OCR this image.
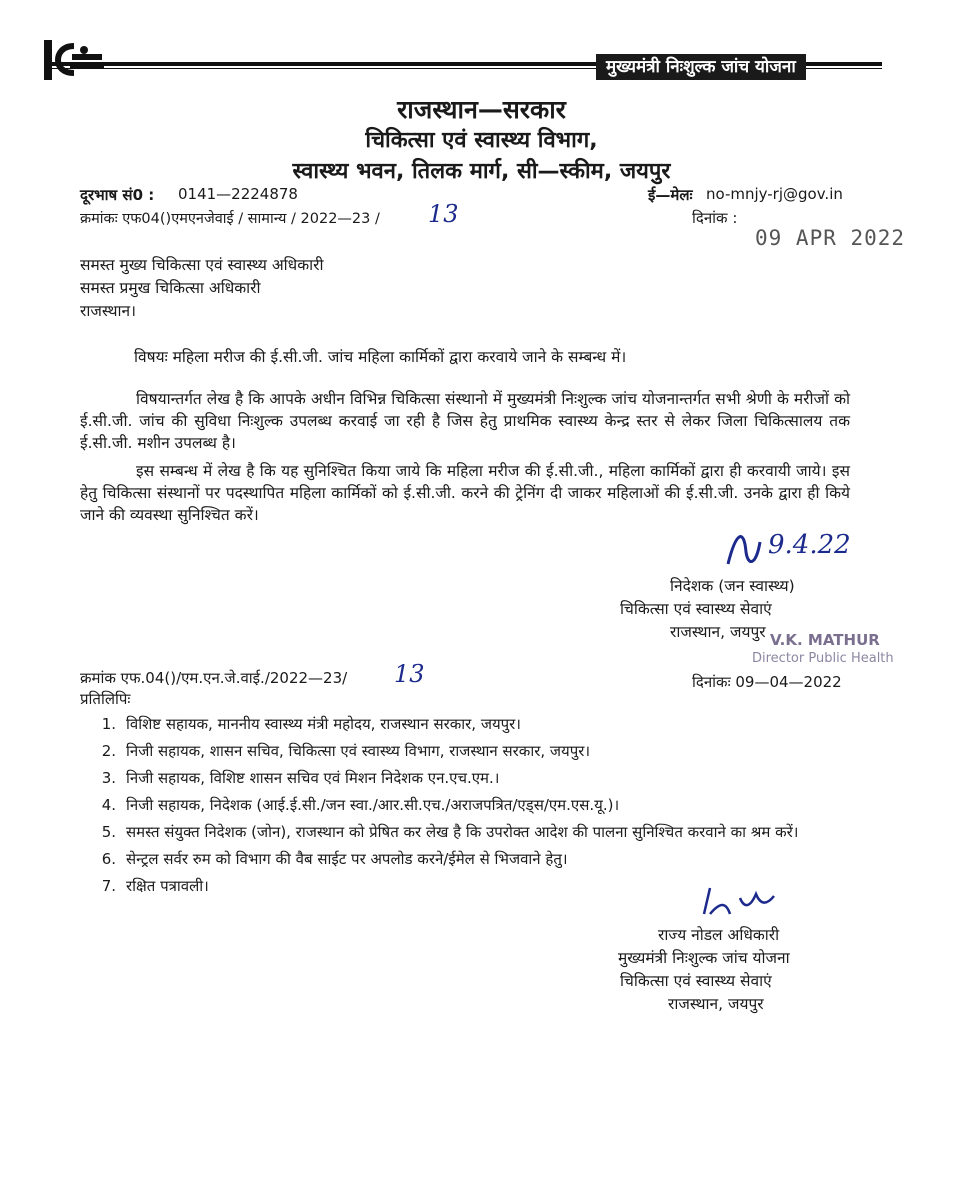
मुख्यमंत्री निःशुल्क जांच योजना
राजस्थान—सरकार
चिकित्सा एवं स्वास्थ्य विभाग,
स्वास्थ्य भवन, तिलक मार्ग, सी—स्कीम, जयपुर
दूरभाष सं0 : 0141—2224878	ई—मेलः no-mnjy-rj@gov.in
क्रमांकः एफ04()एमएनजेवाई / सामान्य / 2022—23 / 13	दिनांक :
09 APR 2022
समस्त मुख्य चिकित्सा एवं स्वास्थ्य अधिकारी
समस्त प्रमुख चिकित्सा अधिकारी
राजस्थान।
विषयः महिला मरीज की ई.सी.जी. जांच महिला कार्मिकों द्वारा करवाये जाने के सम्बन्ध में।
विषयान्तर्गत लेख है कि आपके अधीन विभिन्न चिकित्सा संस्थानो में मुख्यमंत्री निःशुल्क जांच योजनान्तर्गत सभी श्रेणी के मरीजों को ई.सी.जी. जांच की सुविधा निःशुल्क उपलब्ध करवाई जा रही है जिस हेतु प्राथमिक स्वास्थ्य केन्द्र स्तर से लेकर जिला चिकित्सालय तक ई.सी.जी. मशीन उपलब्ध है।
इस सम्बन्ध में लेख है कि यह सुनिश्चित किया जाये कि महिला मरीज की ई.सी.जी., महिला कार्मिकों द्वारा ही करवायी जाये। इस हेतु चिकित्सा संस्थानों पर पदस्थापित महिला कार्मिकों को ई.सी.जी. करने की ट्रेनिंग दी जाकर महिलाओं की ई.सी.जी. उनके द्वारा ही किये जाने की व्यवस्था सुनिश्चित करें।
9.4.22
निदेशक (जन स्वास्थ्य)
चिकित्सा एवं स्वास्थ्य सेवाएं
राजस्थान, जयपुर V.K. MATHUR
Director Public Health
क्रमांक एफ.04()/एम.एन.जे.वाई./2022—23/ 13	दिनांकः 09—04—2022
प्रतिलिपिः
1. विशिष्ट सहायक, माननीय स्वास्थ्य मंत्री महोदय, राजस्थान सरकार, जयपुर।
2. निजी सहायक, शासन सचिव, चिकित्सा एवं स्वास्थ्य विभाग, राजस्थान सरकार, जयपुर।
3. निजी सहायक, विशिष्ट शासन सचिव एवं मिशन निदेशक एन.एच.एम.।
4. निजी सहायक, निदेशक (आई.ई.सी./जन स्वा./आर.सी.एच./अराजपत्रित/एड्स/एम.एस.यू.)।
5. समस्त संयुक्त निदेशक (जोन), राजस्थान को प्रेषित कर लेख है कि उपरोक्त आदेश की पालना सुनिश्चित करवाने का श्रम करें।
6. सेन्ट्रल सर्वर रुम को विभाग की वैब साईट पर अपलोड करने/ईमेल से भिजवाने हेतु।
7. रक्षित पत्रावली।
राज्य नोडल अधिकारी
मुख्यमंत्री निःशुल्क जांच योजना
चिकित्सा एवं स्वास्थ्य सेवाएं
राजस्थान, जयपुर
